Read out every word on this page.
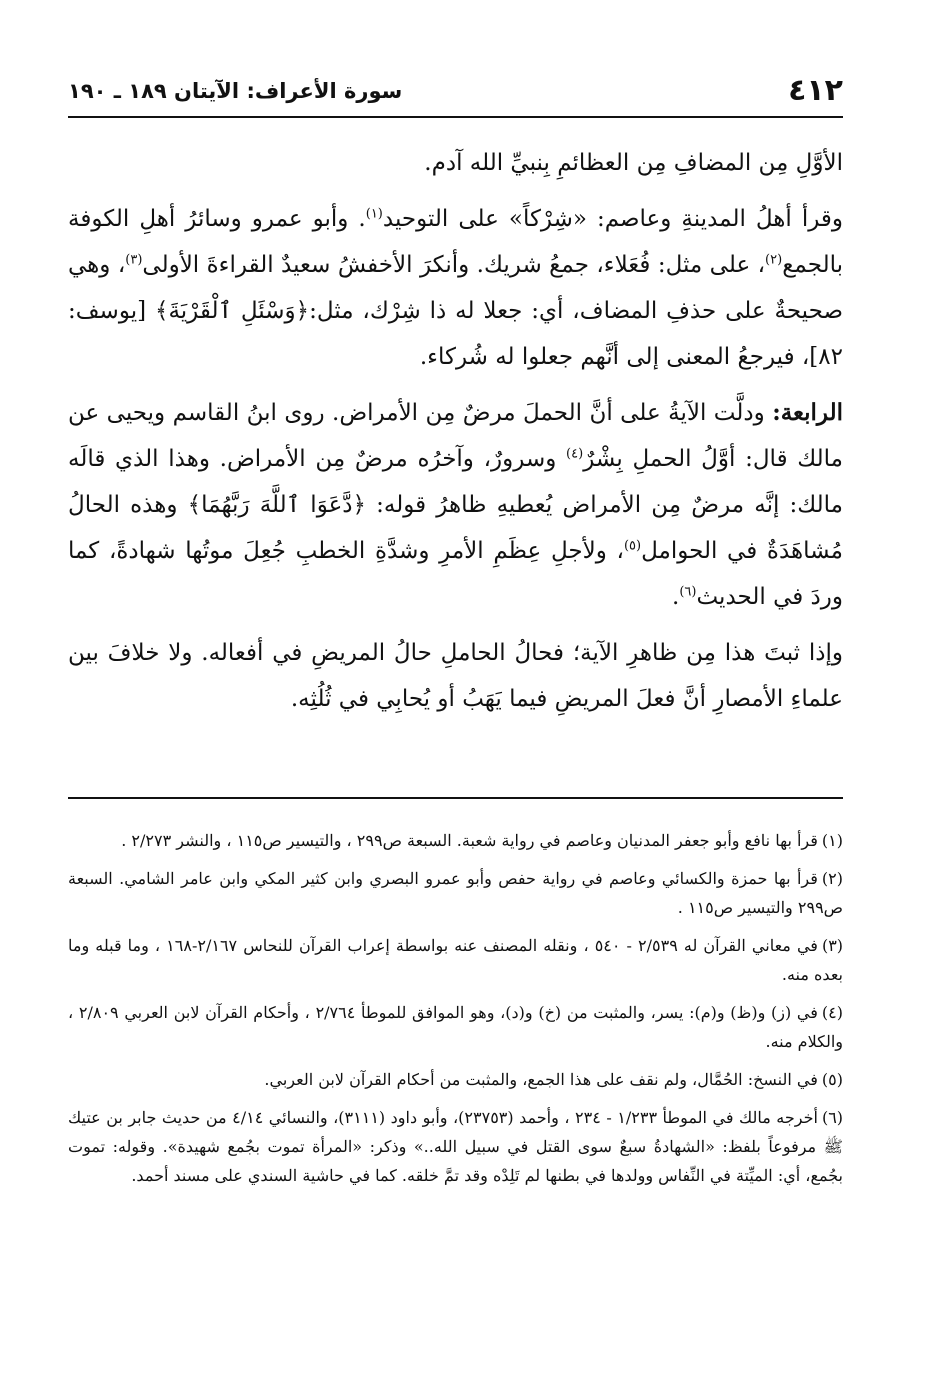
٤١٢
سورة الأعراف: الآيتان ١٨٩ ـ ١٩٠

الأوَّلِ مِن المضافِ مِن العظائمِ بِنبيِّ الله آدم.

وقرأ أهلُ المدينةِ وعاصم: «شِرْكاً» على التوحيد$^{(١)}$. وأبو عمرو وسائرُ أهلِ الكوفة بالجمع$^{(٢)}$، على مثل: فُعَلاء، جمعُ شريك. وأنكرَ الأخفشُ سعيدٌ القراءةَ الأولى$^{(٣)}$، وهي صحيحةٌ على حذفِ المضاف، أي: جعلا له ذا شِرْك، مثل:﴿وَسْئَلِ ٱلْقَرْيَةَ﴾ [يوسف: ٨٢]، فيرجعُ المعنى إلى أنَّهم جعلوا له شُركاء.

الرابعة: ودلَّت الآيةُ على أنَّ الحملَ مرضٌ مِن الأمراض. روى ابنُ القاسم ويحيى عن مالك قال: أوَّلُ الحملِ بِشْرٌ$^{(٤)}$ وسرورٌ، وآخرُه مرضٌ مِن الأمراض. وهذا الذي قالَه مالك: إنَّه مرضٌ مِن الأمراض يُعطيهِ ظاهرُ قوله: ﴿دَّعَوَا ٱللَّهَ رَبَّهُمَا﴾ وهذه الحالُ مُشاهَدَةٌ في الحوامل$^{(٥)}$، ولأجلِ عِظَمِ الأمرِ وشدَّةِ الخطبِ جُعِلَ موتُها شهادةً، كما وردَ في الحديث$^{(٦)}$.

وإذا ثبتَ هذا مِن ظاهرِ الآية؛ فحالُ الحاملِ حالُ المريضِ في أفعاله. ولا خلافَ بين علماءِ الأمصارِ أنَّ فعلَ المريضِ فيما يَهَبُ أو يُحابِي في ثُلُثِه.

(١)قرأ بها نافع وأبو جعفر المدنيان وعاصم في رواية شعبة. السبعة ص٢٩٩ ، والتيسير ص١١٥ ، والنشر ٢/٢٧٣ .

(٢)قرأ بها حمزة والكسائي وعاصم في رواية حفص وأبو عمرو البصري وابن كثير المكي وابن عامر الشامي. السبعة ص٢٩٩ والتيسير ص١١٥ .

(٣)في معاني القرآن له ٢/٥٣٩ - ٥٤٠ ، ونقله المصنف عنه بواسطة إعراب القرآن للنحاس ٢/١٦٧-١٦٨ ، وما قبله وما بعده منه.

(٤)في (ز) و(ظ) و(م): يسر، والمثبت من (خ) و(د)، وهو الموافق للموطأ ٢/٧٦٤ ، وأحكام القرآن لابن العربي ٢/٨٠٩ ، والكلام منه.

(٥)في النسخ: الحُمَّال، ولم نقف على هذا الجمع، والمثبت من أحكام القرآن لابن العربي.

(٦)أخرجه مالك في الموطأ ١/٢٣٣ - ٢٣٤ ، وأحمد (٢٣٧٥٣)، وأبو داود (٣١١١)، والنسائي ٤/١٤ من حديث جابر بن عتيك ﷺ مرفوعاً بلفظ: «الشهادةُ سبعٌ سوى القتل في سبيل الله..» وذكر: «المرأة تموت بجُمع شهيدة». وقوله: تموت بجُمع، أي: الميِّتة في النِّفاس وولدها في بطنها لم تَلِدْه وقد تمَّ خلقه. كما في حاشية السندي على مسند أحمد.
